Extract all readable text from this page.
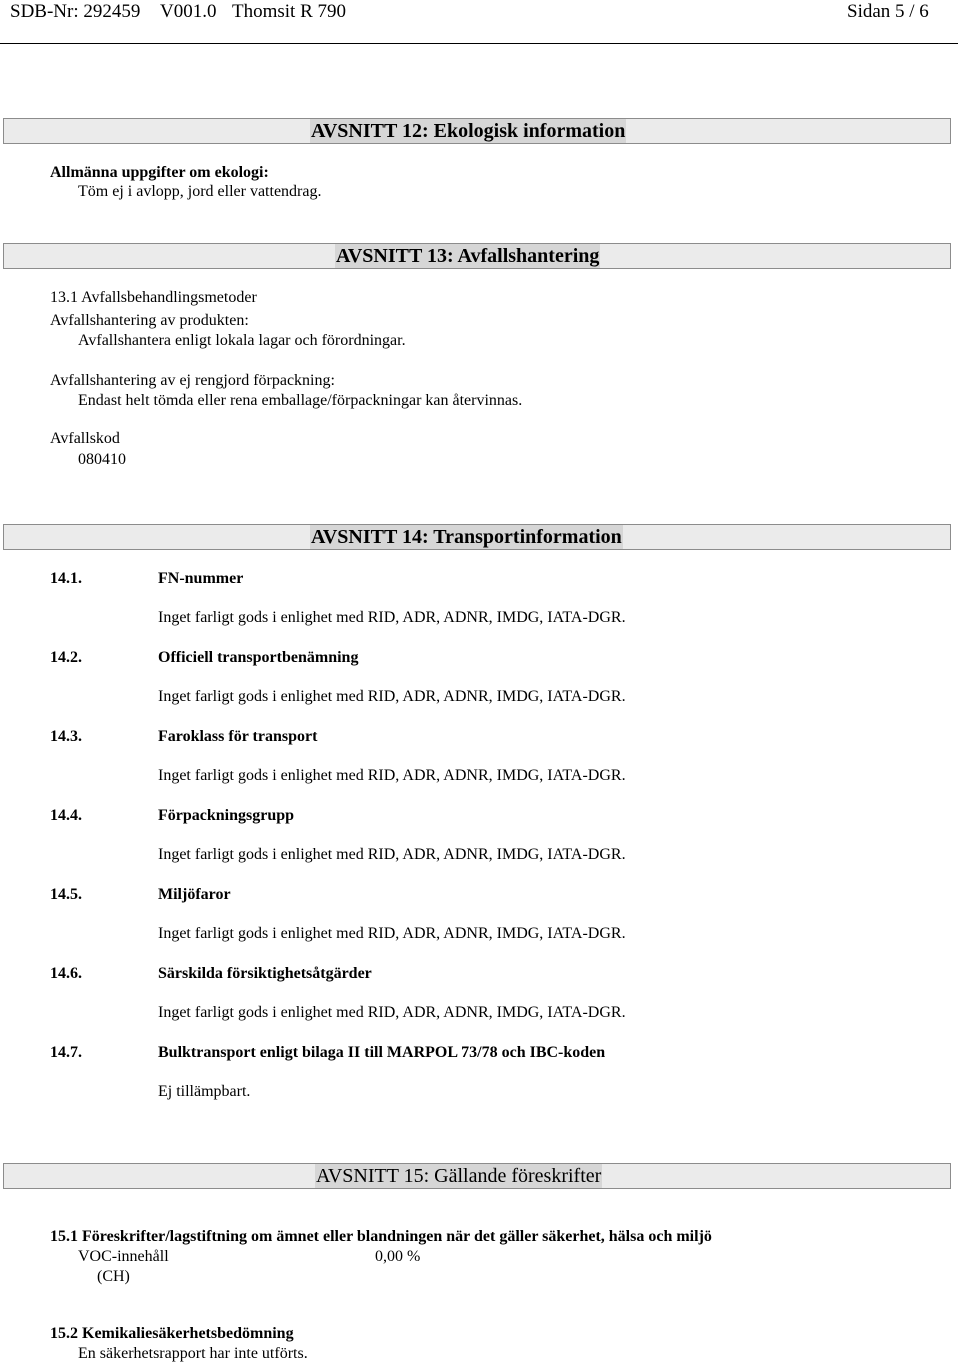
SDB-Nr: 292459 V001.0 Thomsit R 790	Sidan 5 / 6
AVSNITT 12: Ekologisk information
Allmänna uppgifter om ekologi:
Töm ej i avlopp, jord eller vattendrag.
AVSNITT 13: Avfallshantering
13.1 Avfallsbehandlingsmetoder
Avfallshantering av produkten:
Avfallshantera enligt lokala lagar och förordningar.
Avfallshantering av ej rengjord förpackning:
Endast helt tömda eller rena emballage/förpackningar kan återvinnas.
Avfallskod
080410
AVSNITT 14: Transportinformation
14.1.	FN-nummer
Inget farligt gods i enlighet med RID, ADR, ADNR, IMDG, IATA-DGR.
14.2.	Officiell transportbenämning
Inget farligt gods i enlighet med RID, ADR, ADNR, IMDG, IATA-DGR.
14.3.	Faroklass för transport
Inget farligt gods i enlighet med RID, ADR, ADNR, IMDG, IATA-DGR.
14.4.	Förpackningsgrupp
Inget farligt gods i enlighet med RID, ADR, ADNR, IMDG, IATA-DGR.
14.5.	Miljöfaror
Inget farligt gods i enlighet med RID, ADR, ADNR, IMDG, IATA-DGR.
14.6.	Särskilda försiktighetsåtgärder
Inget farligt gods i enlighet med RID, ADR, ADNR, IMDG, IATA-DGR.
14.7.	Bulktransport enligt bilaga II till MARPOL 73/78 och IBC-koden
Ej tillämpbart.
AVSNITT 15: Gällande föreskrifter
15.1 Föreskrifter/lagstiftning om ämnet eller blandningen när det gäller säkerhet, hälsa och miljö
VOC-innehåll	0,00 %
(CH)
15.2 Kemikaliesäkerhetsbedömning
En säkerhetsrapport har inte utförts.
